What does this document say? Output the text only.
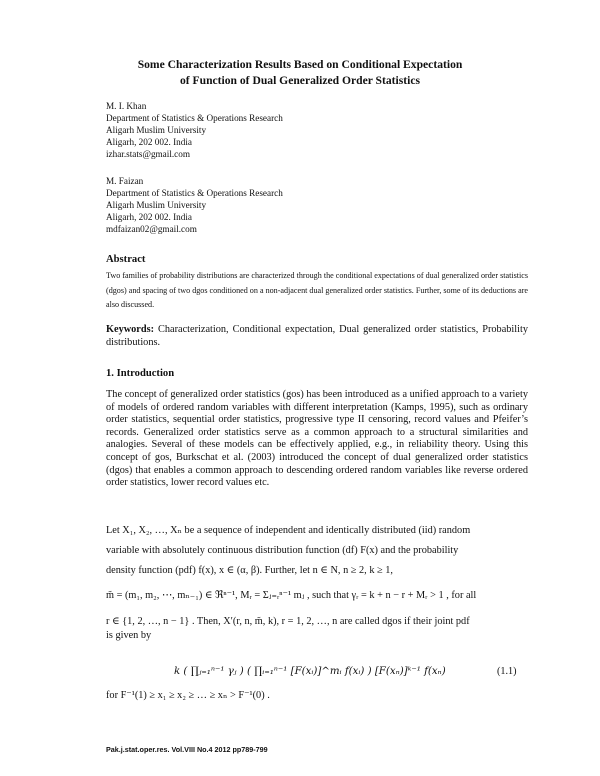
Some Characterization Results Based on Conditional Expectation
of Function of Dual Generalized Order Statistics
M. I. Khan
Department of Statistics & Operations Research
Aligarh Muslim University
Aligarh, 202 002. India
izhar.stats@gmail.com
M. Faizan
Department of Statistics & Operations Research
Aligarh Muslim University
Aligarh, 202 002. India
mdfaizan02@gmail.com
Abstract
Two families of probability distributions are characterized through the conditional expectations of dual generalized order statistics (dgos) and spacing of two dgos conditioned on a non-adjacent dual generalized order statistics. Further, some of its deductions are also discussed.
Keywords: Characterization, Conditional expectation, Dual generalized order statistics, Probability distributions.
1. Introduction
The concept of generalized order statistics (gos) has been introduced as a unified approach to a variety of models of ordered random variables with different interpretation (Kamps, 1995), such as ordinary order statistics, sequential order statistics, progressive type II censoring, record values and Pfeifer’s records. Generalized order statistics serve as a common approach to a structural similarities and analogies. Several of these models can be effectively applied, e.g., in reliability theory. Using this concept of gos, Burkschat et al. (2003) introduced the concept of dual generalized order statistics (dgos) that enables a common approach to descending ordered random variables like reverse ordered order statistics, lower record values etc.
Let X₁, X₂, …, Xₙ be a sequence of independent and identically distributed (iid) random
variable with absolutely continuous distribution function (df) F(x) and the probability
density function (pdf) f(x), x ∈ (α, β). Further, let n ∈ N, n ≥ 2, k ≥ 1,
m̃ = (m₁, m₂, ⋯, mₙ₋₁) ∈ ℜⁿ⁻¹, Mᵣ = Σⱼ₌ᵣⁿ⁻¹ mⱼ , such that γᵣ = k + n − r + Mᵣ > 1 , for all
r ∈ {1, 2, …, n − 1} . Then, X′(r, n, m̃, k), r = 1, 2, …, n are called dgos if their joint pdf
is given by
k ( ∏ⱼ₌₁ⁿ⁻¹ γⱼ ) ( ∏ᵢ₌₁ⁿ⁻¹ [F(xᵢ)]^mᵢ f(xᵢ) ) [F(xₙ)]ᵏ⁻¹ f(xₙ)	(1.1)
for F⁻¹(1) ≥ x₁ ≥ x₂ ≥ … ≥ xₙ > F⁻¹(0) .
Pak.j.stat.oper.res. Vol.VIII No.4 2012 pp789-799
